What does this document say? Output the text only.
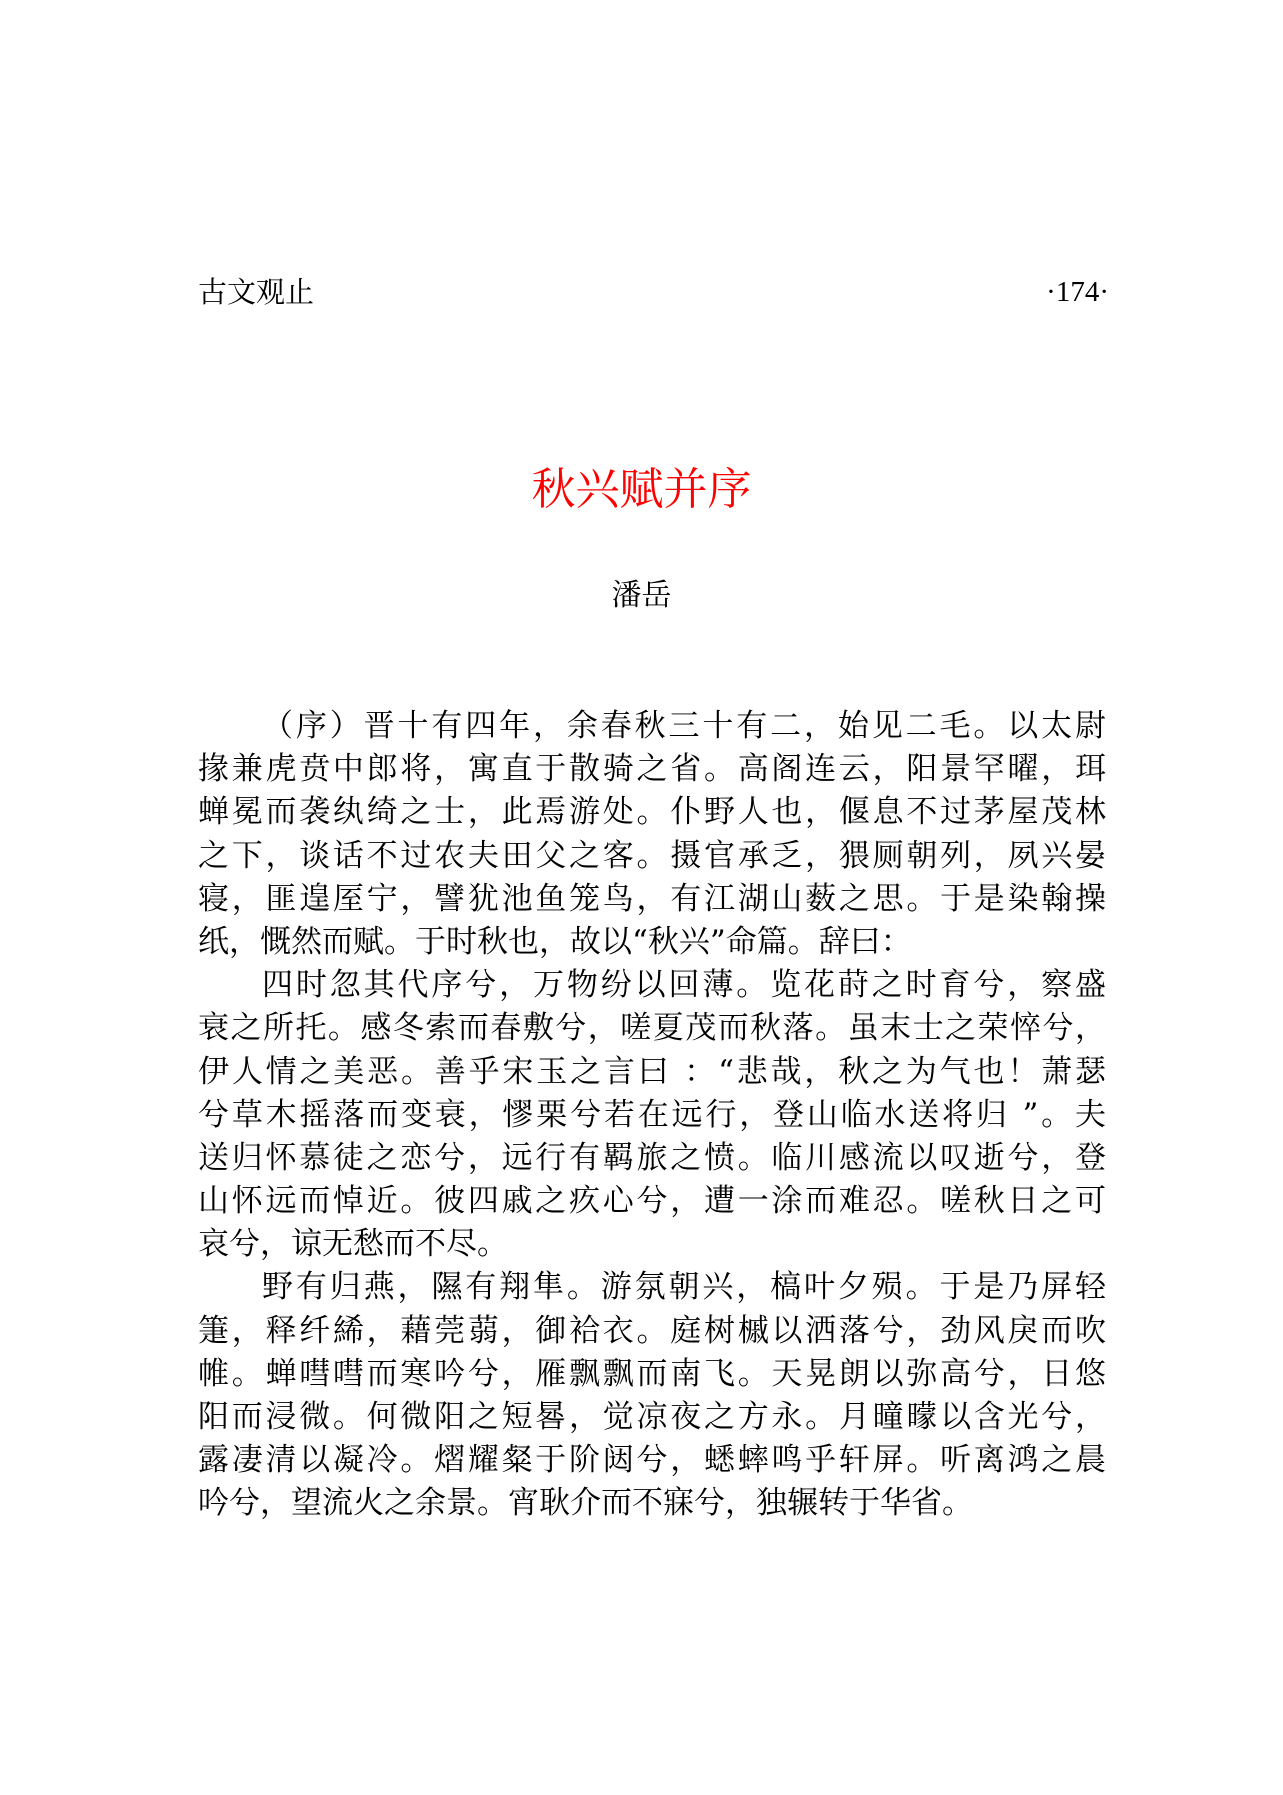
古文观止	·174·
秋兴赋并序
潘岳
（序）晋十有四年，余春秋三十有二，始见二毛。以太尉
掾兼虎贲中郎将，寓直于散骑之省。高阁连云，阳景罕曜，珥
蝉冕而袭纨绮之士，此焉游处。仆野人也，偃息不过茅屋茂林
之下，谈话不过农夫田父之客。摄官承乏，猥厕朝列，夙兴晏
寝，匪遑厔宁，譬犹池鱼笼鸟，有江湖山薮之思。于是染翰操
纸，慨然而赋。于时秋也，故以“秋兴”命篇。辞曰：
四时忽其代序兮，万物纷以回薄。览花莳之时育兮，察盛
衰之所托。感冬索而春敷兮，嗟夏茂而秋落。虽末士之荣悴兮，
伊人情之美恶。善乎宋玉之言曰 ：“悲哉，秋之为气也！萧瑟
兮草木摇落而变衰，憀栗兮若在远行，登山临水送将归 ”。夫
送归怀慕徒之恋兮，远行有羁旅之愤。临川感流以叹逝兮，登
山怀远而悼近。彼四戚之疚心兮，遭一涂而难忍。嗟秋日之可
哀兮，谅无愁而不尽。
野有归燕，隰有翔隼。游氛朝兴，槁叶夕殒。于是乃屏轻
箑，释纤絺，藉莞蒻，御袷衣。庭树槭以洒落兮，劲风戾而吹
帷。蝉嘒嘒而寒吟兮，雁飘飘而南飞。天晃朗以弥高兮，日悠
阳而浸微。何微阳之短晷，觉凉夜之方永。月曈曚以含光兮，
露凄清以凝冷。熠耀粲于阶闼兮，蟋蟀鸣乎轩屏。听离鸿之晨
吟兮，望流火之余景。宵耿介而不寐兮，独辗转于华省。
